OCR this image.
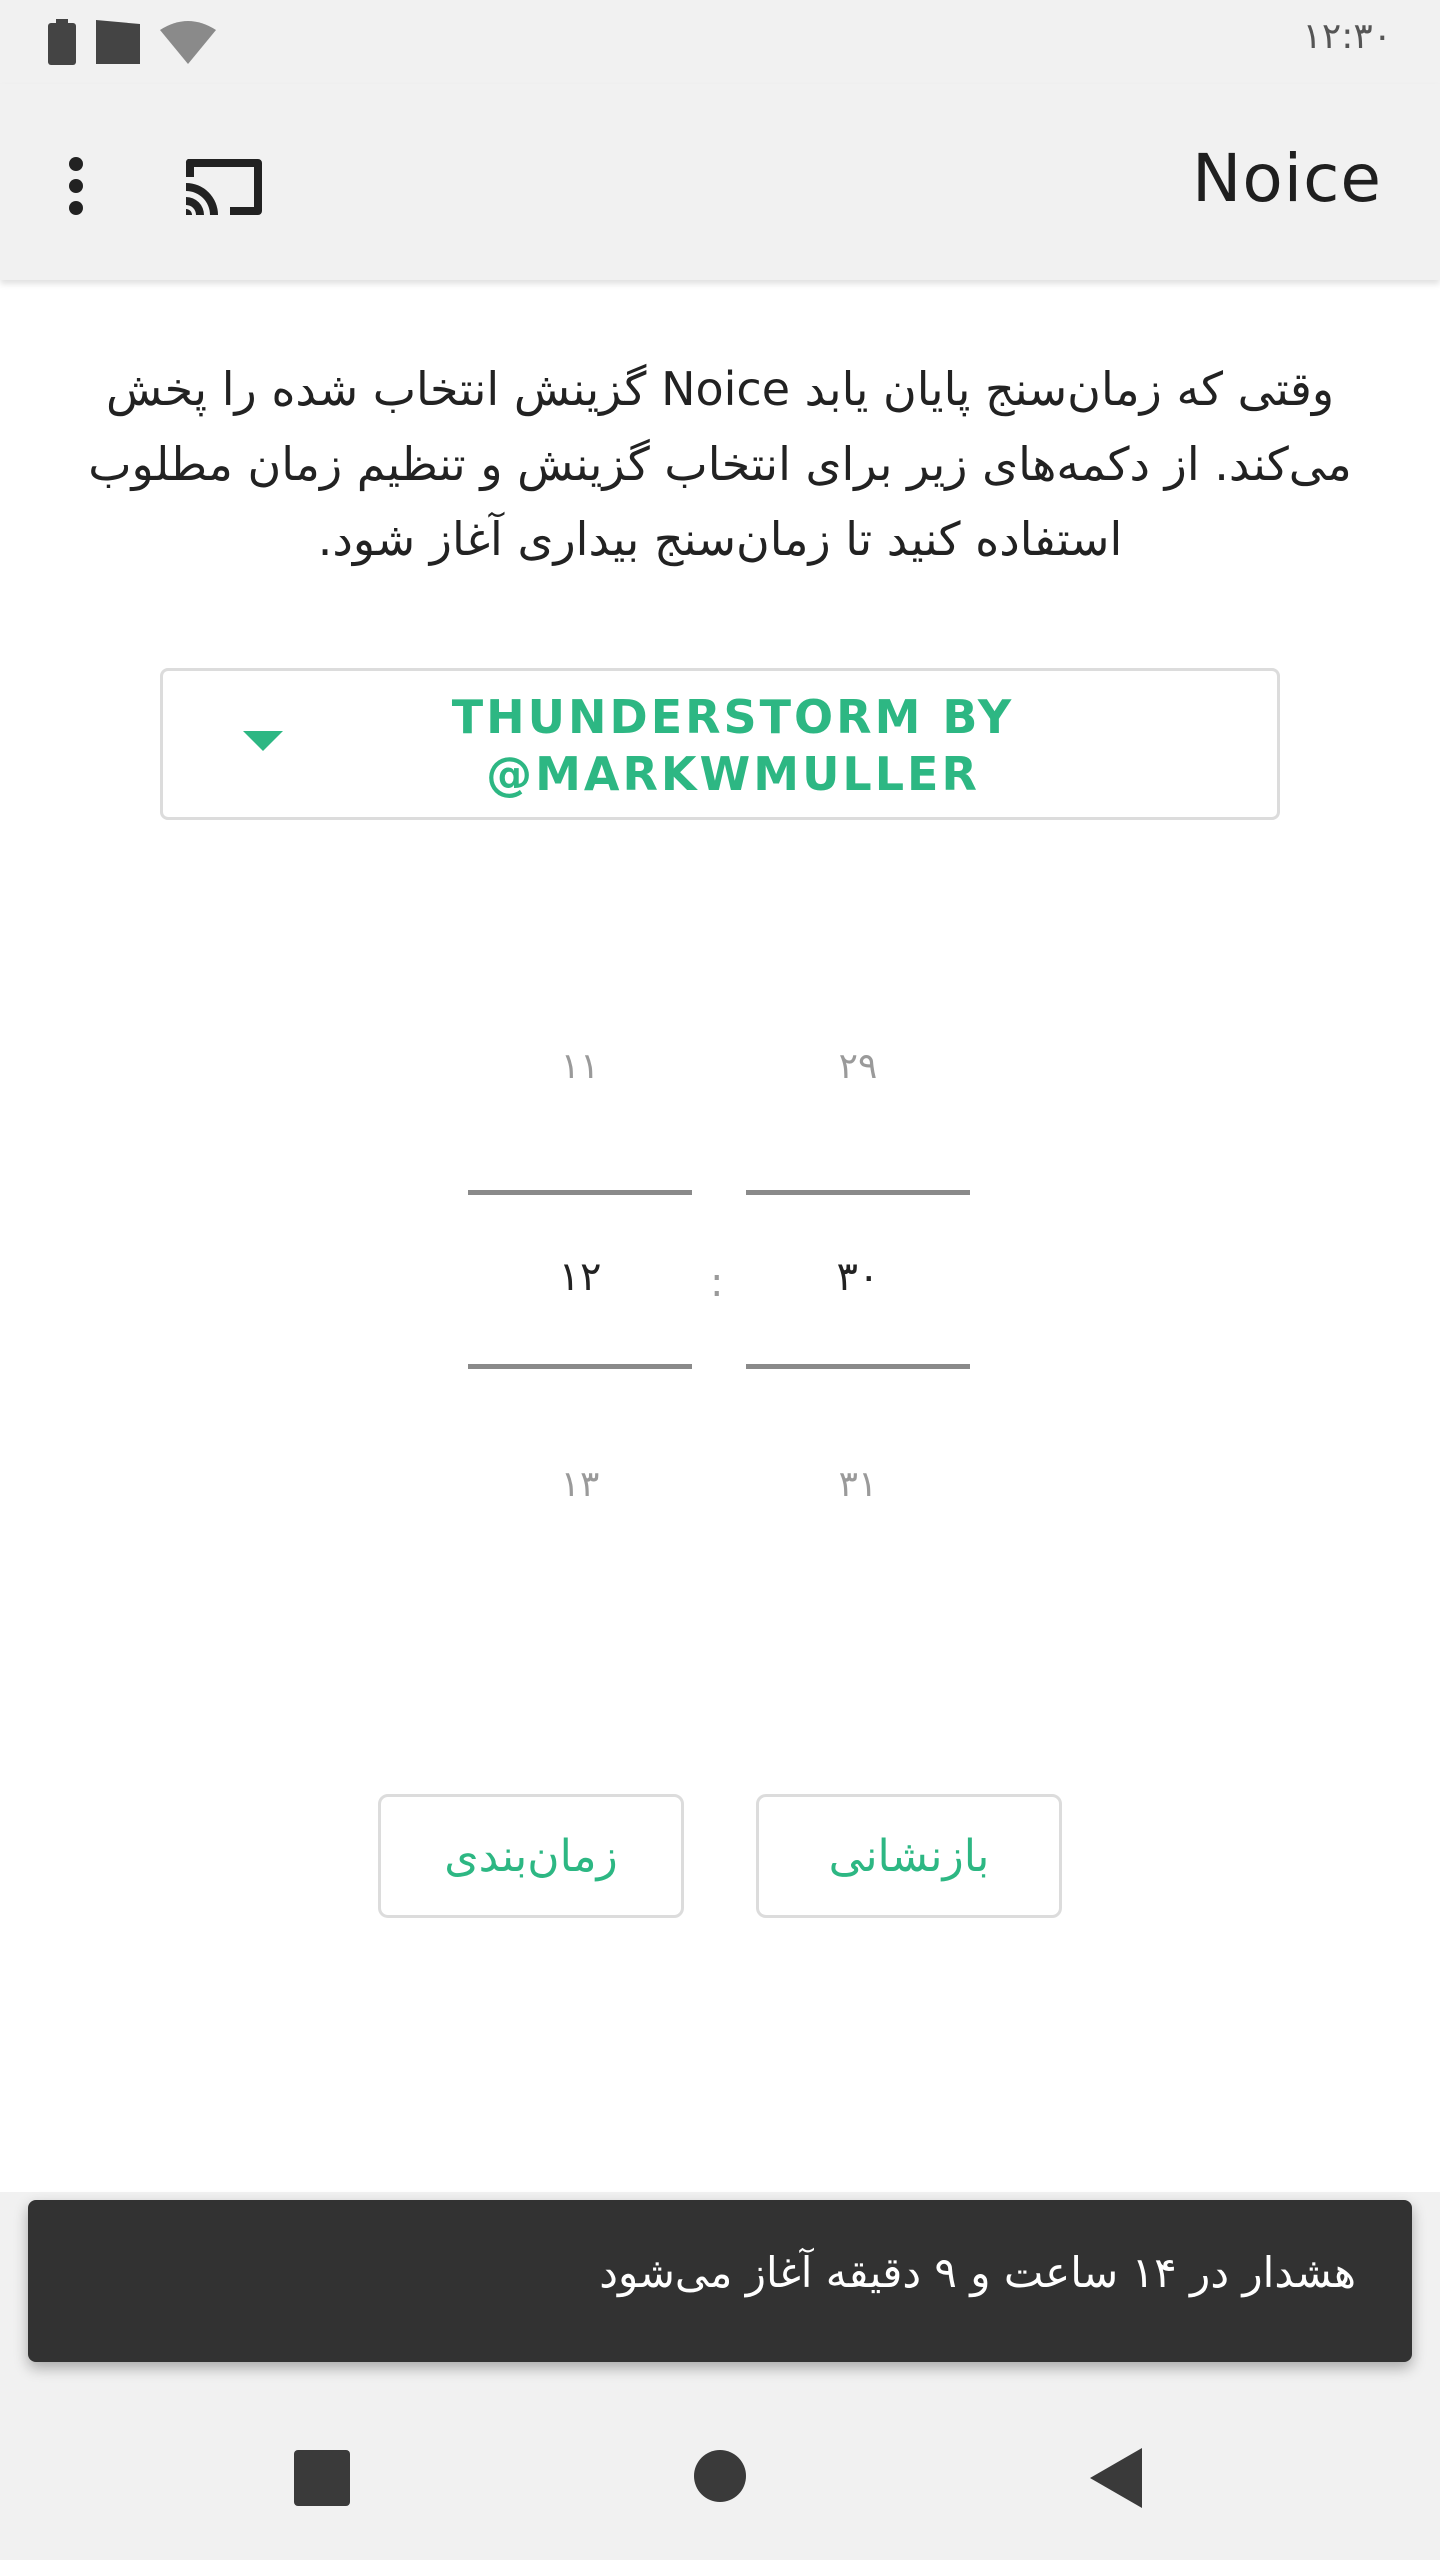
۱۲:۳۰
Noice
وقتی که زمان‌سنج پایان یابد Noice گزینش انتخاب شده را پخش می‌کند. از دکمه‌های زیر برای انتخاب گزینش و تنظیم زمان مطلوب استفاده کنید تا زمان‌سنج بیداری آغاز شود.
THUNDERSTORM BY @MARKWMULLER
۱۱
۱۲
۱۳
:
۲۹
۳۰
۳۱
زمان‌بندی	بازنشانی
هشدار در ۱۴ ساعت و ۹ دقیقه آغاز می‌شود
